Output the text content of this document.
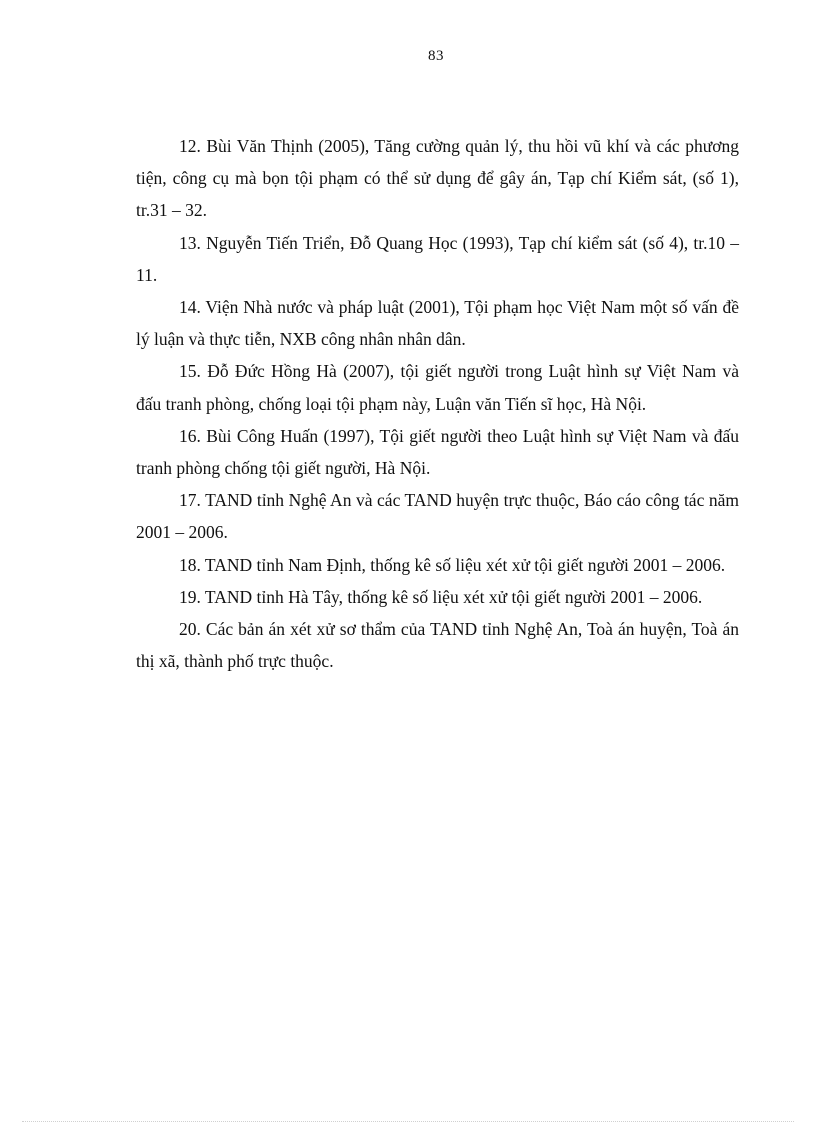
83

12. Bùi Văn Thịnh (2005), Tăng cường quản lý, thu hồi vũ khí và các phương tiện, công cụ mà bọn tội phạm có thể sử dụng để gây án, Tạp chí Kiểm sát, (số 1), tr.31 – 32.

13. Nguyễn Tiến Triển, Đỗ Quang Học (1993), Tạp chí kiểm sát (số 4), tr.10 – 11.

14. Viện Nhà nước và pháp luật (2001), Tội phạm học Việt Nam một số vấn đề lý luận và thực tiễn, NXB công nhân nhân dân.

15. Đỗ Đức Hồng Hà (2007), tội giết người trong Luật hình sự Việt Nam và đấu tranh phòng, chống loại tội phạm này, Luận văn Tiến sĩ học, Hà Nội.

16. Bùi Công Huấn (1997), Tội giết người theo Luật hình sự Việt Nam và đấu tranh phòng chống tội giết người, Hà Nội.

17. TAND tỉnh Nghệ An và các TAND huyện trực thuộc, Báo cáo công tác năm 2001 – 2006.

18. TAND tỉnh Nam Định, thống kê số liệu xét xử tội giết người 2001 – 2006.

19. TAND tỉnh Hà Tây, thống kê số liệu xét xử tội giết người 2001 – 2006.

20. Các bản án xét xử sơ thẩm của TAND tỉnh Nghệ An, Toà án huyện, Toà án thị xã, thành phố trực thuộc.
